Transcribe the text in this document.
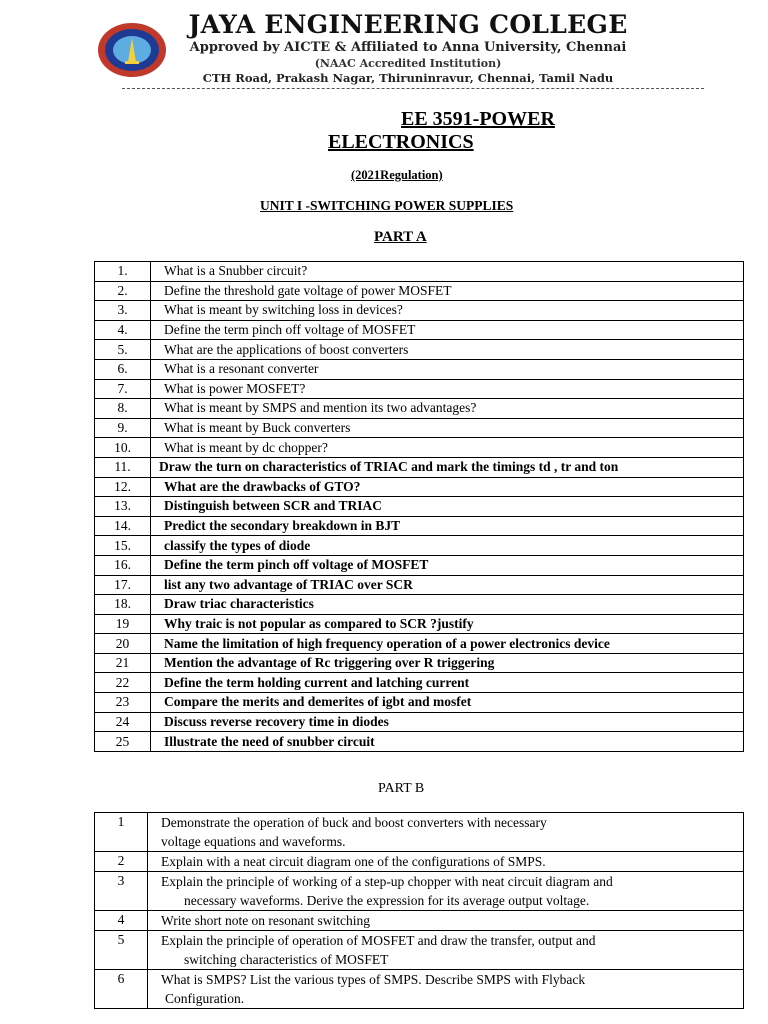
JAYA ENGINEERING COLLEGE
Approved by AICTE & Affiliated to Anna University, Chennai
(NAAC Accredited Institution)
CTH Road, Prakash Nagar, Thiruninravur, Chennai, Tamil Nadu
EE 3591-POWER
ELECTRONICS
(2021Regulation)
UNIT I -SWITCHING POWER SUPPLIES
PART A
1.	What is a Snubber circuit?
2.	Define the threshold gate voltage of power MOSFET
3.	What is meant by switching loss in devices?
4.	Define the term pinch off voltage of MOSFET
5.	What are the applications of boost converters
6.	What is a resonant converter
7.	What is power MOSFET?
8.	What is meant by SMPS and mention its two advantages?
9.	What is meant by Buck converters
10.	What is meant by dc chopper?
11.	Draw the turn on characteristics of TRIAC and mark the timings td , tr and ton
12.	What are the drawbacks of GTO?
13.	Distinguish between SCR and TRIAC
14.	Predict the secondary breakdown in BJT
15.	classify the types of diode
16.	Define the term pinch off voltage of MOSFET
17.	list any two advantage of TRIAC over SCR
18.	Draw triac characteristics
19	Why traic is not popular as compared to SCR ?justify
20	Name the limitation of high frequency operation of a power electronics device
21	Mention the advantage of Rc triggering over R triggering
22	Define the term holding current and latching current
23	Compare the merits and demerites of igbt and mosfet
24	Discuss reverse recovery time in diodes
25	Illustrate the need of snubber circuit
PART B
1	Demonstrate the operation of buck and boost converters with necessary
voltage equations and waveforms.

2	Explain with a neat circuit diagram one of the configurations of SMPS.

3	Explain the principle of working of a step-up chopper with neat circuit diagram and
necessary waveforms. Derive the expression for its average output voltage.

4	Write short note on resonant switching

5	Explain the principle of operation of MOSFET and draw the transfer, output and
switching characteristics of MOSFET

6	What is SMPS? List the various types of SMPS. Describe SMPS with Flyback
Configuration.
